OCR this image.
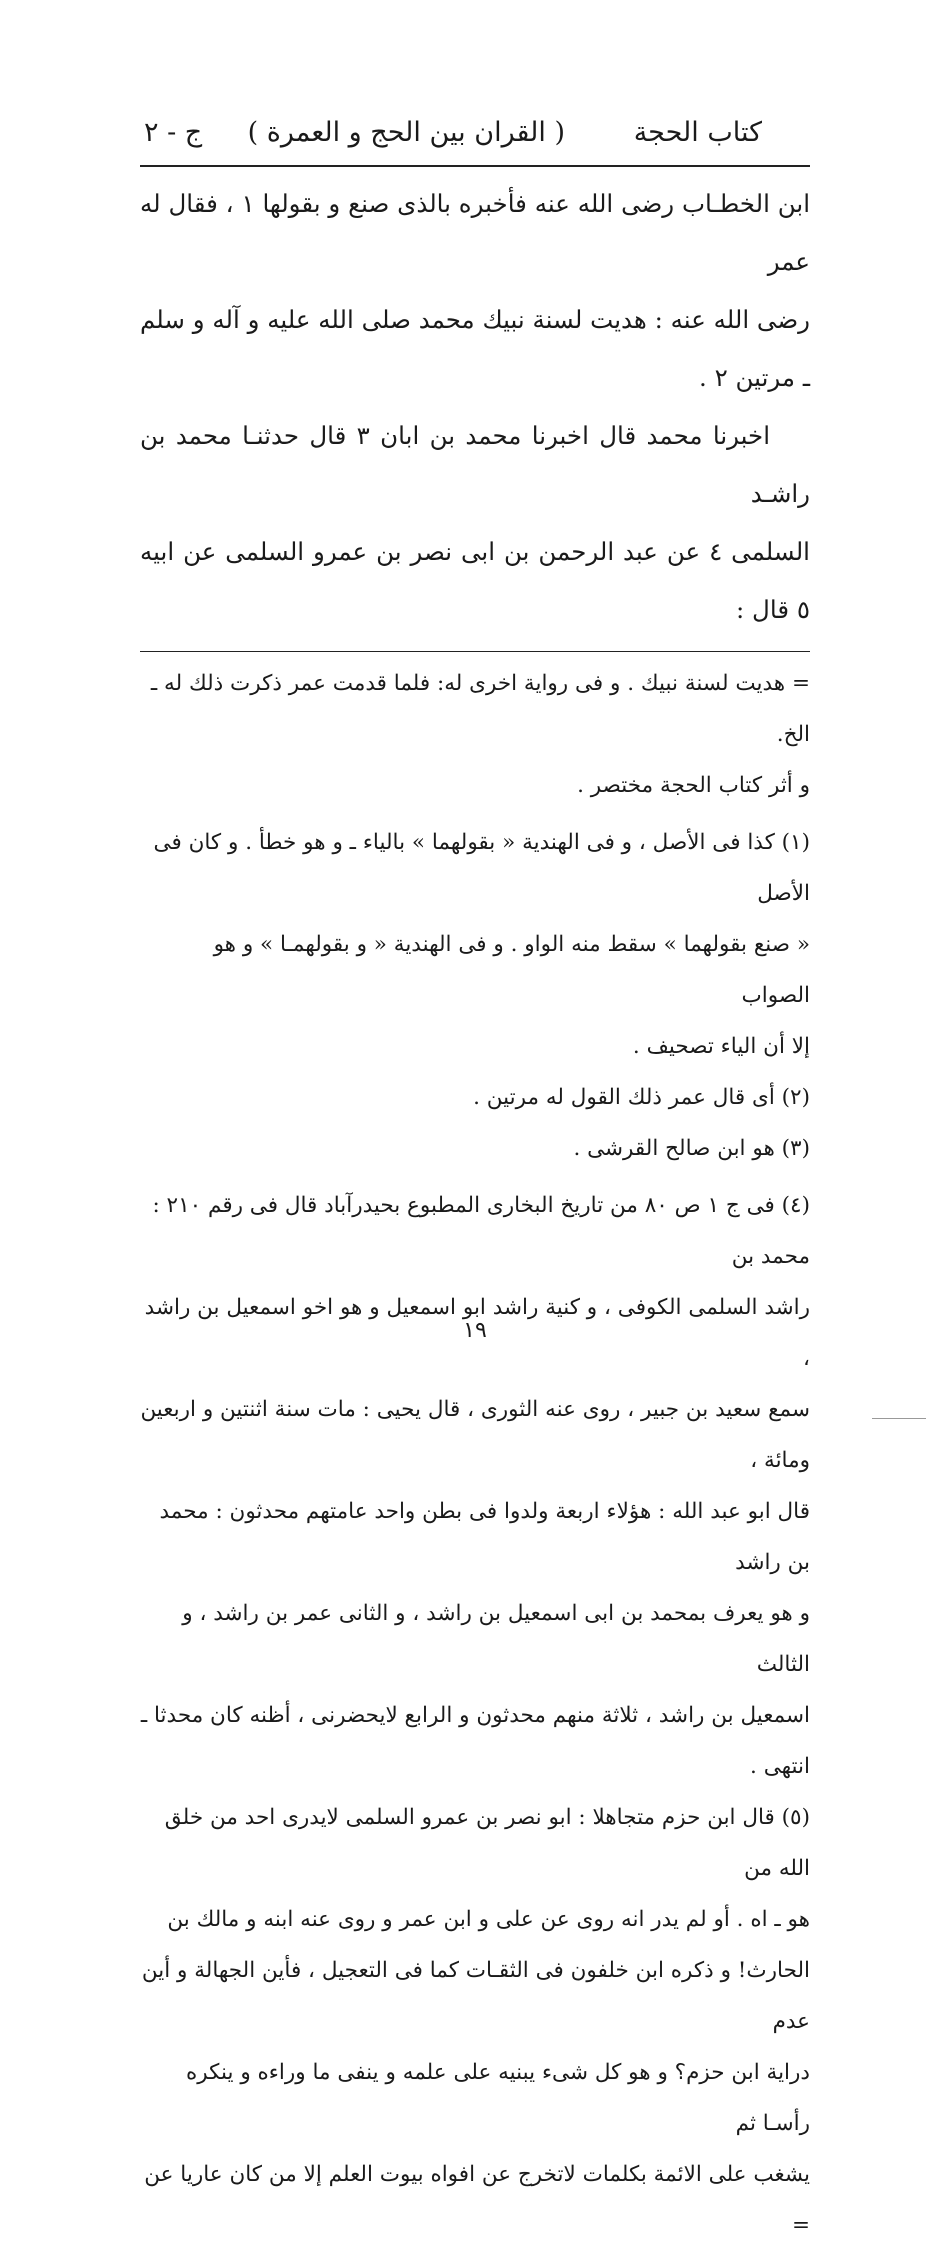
كتاب الحجة
( القران بين الحج و العمرة )
ج - ٢

ابن الخطـاب رضى الله عنه فأخبره بالذى صنع و بقولها ١ ، فقال له عمر

رضى الله عنه : هديت لسنة نبيك محمد صلى الله عليه و آله و سلم ـ مرتين ٢ .

اخبرنا محمد قال اخبرنا محمد بن ابان ٣ قال حدثنـا محمد بن راشـد

السلمى ٤ عن عبد الرحمن بن ابى نصر بن عمرو السلمى عن ابيه ٥ قال :

= هديت لسنة نبيك . و فى رواية اخرى له: فلما قدمت عمر ذكرت ذلك له ـ الخ.

و أثر كتاب الحجة مختصر .

(١) كذا فى الأصل ، و فى الهندية « بقولهما » بالياء ـ و هو خطأ . و كان فى الأصل

« صنع بقولهما » سقط منه الواو . و فى الهندية « و بقولهمـا » و هو الصواب

إلا أن الياء تصحيف .

(٢) أى قال عمر ذلك القول له مرتين .

(٣) هو ابن صالح القرشى .

(٤) فى ج ١ ص ٨٠ من تاريخ البخارى المطبوع بحيدرآباد قال فى رقم ٢١٠ : محمد بن

راشد السلمى الكوفى ، و كنية راشد ابو اسمعيل و هو اخو اسمعيل بن راشد ،

سمع سعيد بن جبير ، روى عنه الثورى ، قال يحيى : مات سنة اثنتين و اربعين ومائة ،

قال ابو عبد الله : هؤلاء اربعة ولدوا فى بطن واحد عامتهم محدثون : محمد بن راشد

و هو يعرف بمحمد بن ابى اسمعيل بن راشد ، و الثانى عمر بن راشد ، و الثالث

اسمعيل بن راشد ، ثلاثة منهم محدثون و الرابع لايحضرنى ، أظنه كان محدثا ـ انتهى .

(٥) قال ابن حزم متجاهلا : ابو نصر بن عمرو السلمى لايدرى احد من خلق الله من

هو ـ اه . أو لم يدر انه روى عن على و ابن عمر و روى عنه ابنه و مالك بن

الحارث! و ذكره ابن خلفون فى الثقـات كما فى التعجيل ، فأين الجهالة و أين عدم

دراية ابن حزم؟ و هو كل شىء يبنيه على علمه و ينفى ما وراءه و ينكره رأسـا ثم

يشغب على الائمة بكلمات لاتخرج عن افواه بيوت العلم إلا من كان عاريا عن =

١٩
